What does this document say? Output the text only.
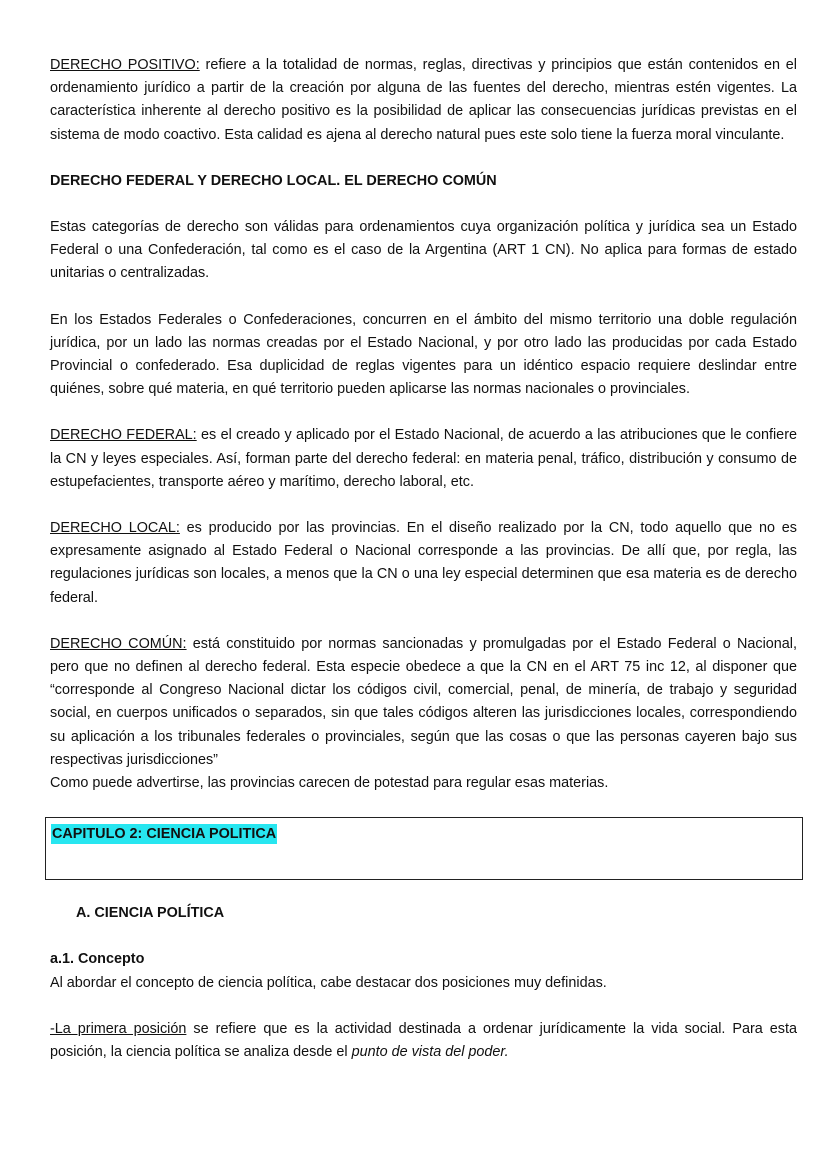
DERECHO POSITIVO: refiere a la totalidad de normas, reglas, directivas y principios que están contenidos en el ordenamiento jurídico a partir de la creación por alguna de las fuentes del derecho, mientras estén vigentes. La característica inherente al derecho positivo es la posibilidad de aplicar las consecuencias jurídicas previstas en el sistema de modo coactivo. Esta calidad es ajena al derecho natural pues este solo tiene la fuerza moral vinculante.

DERECHO FEDERAL Y DERECHO LOCAL. EL DERECHO COMÚN

Estas categorías de derecho son válidas para ordenamientos cuya organización política y jurídica sea un Estado Federal o una Confederación, tal como es el caso de la Argentina (ART 1 CN). No aplica para formas de estado unitarias o centralizadas.

En los Estados Federales o Confederaciones, concurren en el ámbito del mismo territorio una doble regulación jurídica, por un lado las normas creadas por el Estado Nacional, y por otro lado las producidas por cada Estado Provincial o confederado. Esa duplicidad de reglas vigentes para un idéntico espacio requiere deslindar entre quiénes, sobre qué materia, en qué territorio pueden aplicarse las normas nacionales o provinciales.

DERECHO FEDERAL: es el creado y aplicado por el Estado Nacional, de acuerdo a las atribuciones que le confiere la CN y leyes especiales. Así, forman parte del derecho federal: en materia penal, tráfico, distribución y consumo de estupefacientes, transporte aéreo y marítimo, derecho laboral, etc.

DERECHO LOCAL: es producido por las provincias. En el diseño realizado por la CN, todo aquello que no es expresamente asignado al Estado Federal o Nacional corresponde a las provincias. De allí que, por regla, las regulaciones jurídicas son locales, a menos que la CN o una ley especial determinen que esa materia es de derecho federal.

DERECHO COMÚN: está constituido por normas sancionadas y promulgadas por el Estado Federal o Nacional, pero que no definen al derecho federal. Esta especie obedece a que la CN en el ART 75 inc 12, al disponer que “corresponde al Congreso Nacional dictar los códigos civil, comercial, penal, de minería, de trabajo y seguridad social, en cuerpos unificados o separados, sin que tales códigos alteren las jurisdicciones locales, correspondiendo su aplicación a los tribunales federales o provinciales, según que las cosas o que las personas cayeren bajo sus respectivas jurisdicciones”

Como puede advertirse, las provincias carecen de potestad para regular esas materias.

CAPITULO 2: CIENCIA POLITICA

A. CIENCIA POLÍTICA

a.1. Concepto

Al abordar el concepto de ciencia política, cabe destacar dos posiciones muy definidas.

-La primera posición se refiere que es la actividad destinada a ordenar jurídicamente la vida social. Para esta posición, la ciencia política se analiza desde el punto de vista del poder.
